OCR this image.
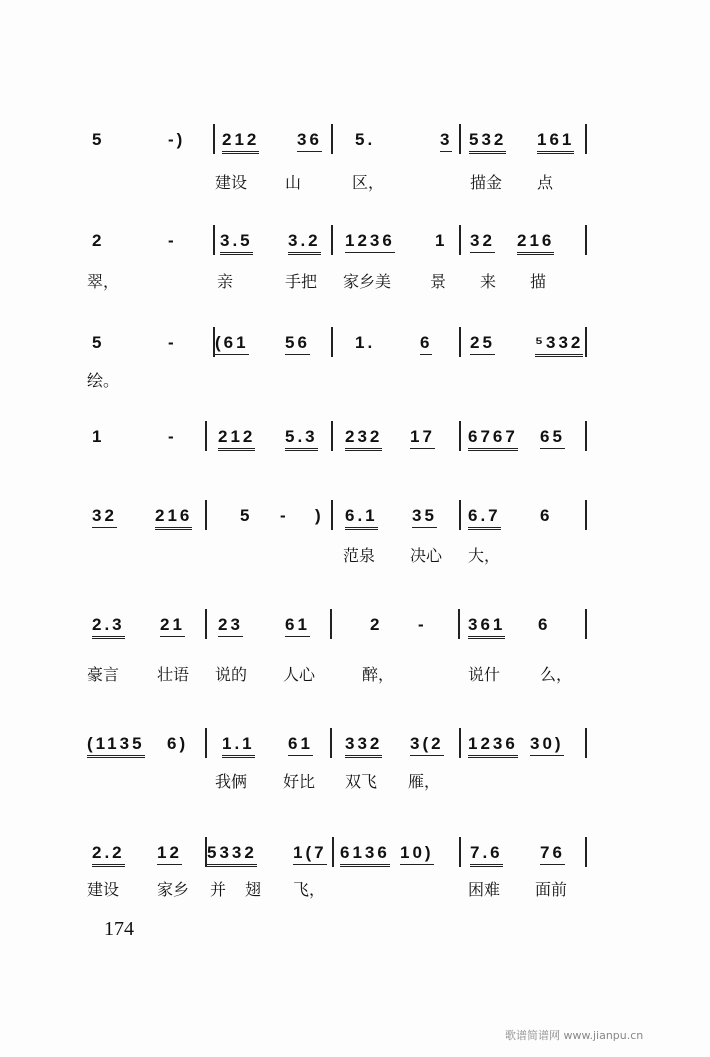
174
歌谱简谱网 www.jianpu.cn
5	-) 212 36 5.	3 532 161
建设 山	区，	描金 点
2	-	3.5 3.2 1236 1 32 216
翠，	亲	手把 家乡美 景 来 描
5	- (61 56	1.	6 25 ⁵332
绘。
1	- 212 5.3 232 17 6767 65
32 216	5 - ) 6.1 35 6.7 6
范泉 决心 大，
2.3 21 23 61	2 - 361 6
豪言 壮语 说的 人心	醉，	说什 么，
(1135 6) 1.1 61 332 3(2 1236 30)
我俩 好比 双飞 雁，
2.2 12 5332 1(7 6136 10) 7.6 76
建设 家乡 并 翅 飞，	困难 面前
